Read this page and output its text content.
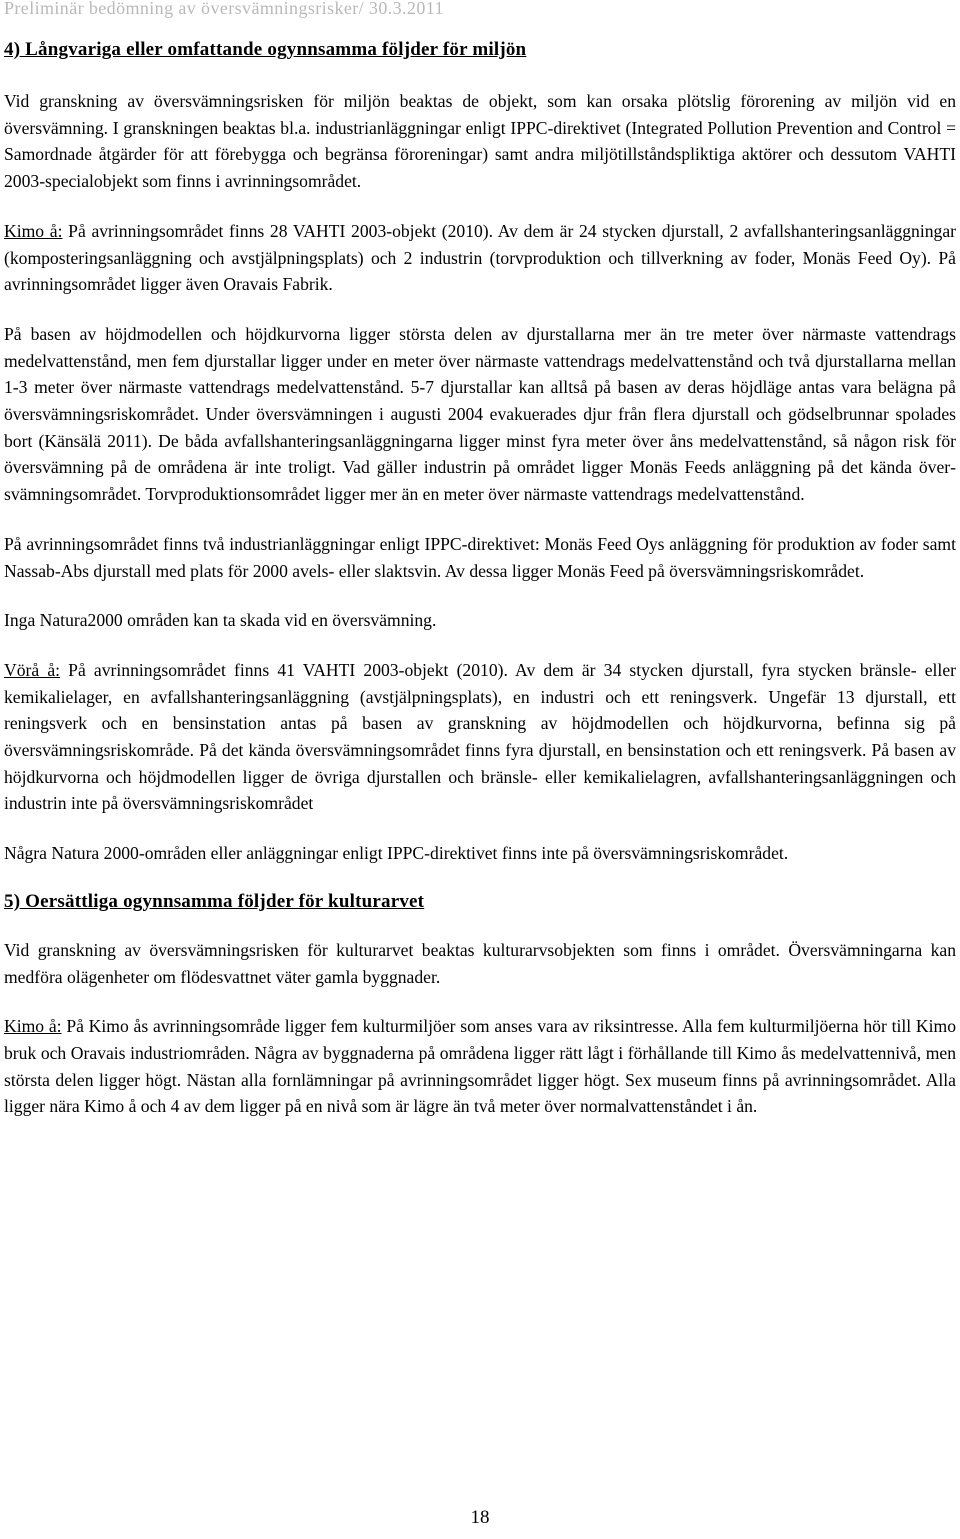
Preliminär bedömning av översvämningsrisker/ 30.3.2011
4) Långvariga eller omfattande ogynnsamma följder för miljön

Vid granskning av översvämningsrisken för miljön beaktas de objekt, som kan orsaka plötslig förorening av miljön vid en översvämning. I granskningen beaktas bl.a. industrianläggningar enligt IPPC-direktivet (Integrated Pollution Prevention and Control = Samordnade åtgärder för att förebygga och begränsa föroreningar) samt andra miljötillståndspliktiga aktörer och dessutom VAHTI 2003-specialobjekt som finns i avrinningsområdet.

Kimo å: På avrinningsområdet finns 28 VAHTI 2003-objekt (2010). Av dem är 24 stycken djurstall, 2 avfallshanteringsanläggningar (komposteringsanläggning och avstjälpningsplats) och 2 industrin (torvproduktion och tillverkning av foder, Monäs Feed Oy). På avrinningsområdet ligger även Oravais Fabrik.

På basen av höjdmodellen och höjdkurvorna ligger största delen av djurstallarna mer än tre meter över närmaste vattendrags medelvattenstånd, men fem djurstallar ligger under en meter över närmaste vattendrags medelvattenstånd och två djurstallarna mellan 1-3 meter över närmaste vattendrags medelvattenstånd. 5-7 djurstallar kan alltså på basen av deras höjdläge antas vara belägna på översvämningsriskområdet. Under översvämningen i augusti 2004 evakuerades djur från flera djurstall och gödselbrunnar spolades bort (Känsälä 2011). De båda avfallshanteringsanläggningarna ligger minst fyra meter över åns medelvattenstånd, så någon risk för översvämning på de områdena är inte troligt. Vad gäller industrin på området ligger Monäs Feeds anläggning på det kända översvämningsområdet. Torvproduktionsområdet ligger mer än en meter över närmaste vattendrags medelvattenstånd.

På avrinningsområdet finns två industrianläggningar enligt IPPC-direktivet: Monäs Feed Oys anläggning för produktion av foder samt Nassab-Abs djurstall med plats för 2000 avels- eller slaktsvin. Av dessa ligger Monäs Feed på översvämningsriskområdet.

Inga Natura2000 områden kan ta skada vid en översvämning.

Vörå å: På avrinningsområdet finns 41 VAHTI 2003-objekt (2010). Av dem är 34 stycken djurstall, fyra stycken bränsle- eller kemikalielager, en avfallshanteringsanläggning (avstjälpningsplats), en industri och ett reningsverk. Ungefär 13 djurstall, ett reningsverk och en bensinstation antas på basen av granskning av höjdmodellen och höjdkurvorna, befinna sig på översvämningsriskområde. På det kända översvämningsområdet finns fyra djurstall, en bensinstation och ett reningsverk. På basen av höjdkurvorna och höjdmodellen ligger de övriga djurstallen och bränsle- eller kemikalielagren, avfallshanteringsanläggningen och industrin inte på översvämningsriskområdet

Några Natura 2000-områden eller anläggningar enligt IPPC-direktivet finns inte på översvämningsriskområdet.

5) Oersättliga ogynnsamma följder för kulturarvet

Vid granskning av översvämningsrisken för kulturarvet beaktas kulturarvsobjekten som finns i området. Översvämningarna kan medföra olägenheter om flödesvattnet väter gamla byggnader.

Kimo å: På Kimo ås avrinningsområde ligger fem kulturmiljöer som anses vara av riksintresse. Alla fem kulturmiljöerna hör till Kimo bruk och Oravais industriområden. Några av byggnaderna på områdena ligger rätt lågt i förhållande till Kimo ås medelvattennivå, men största delen ligger högt. Nästan alla fornlämningar på avrinningsområdet ligger högt. Sex museum finns på avrinningsområdet. Alla ligger nära Kimo å och 4 av dem ligger på en nivå som är lägre än två meter över normalvattenståndet i ån.

18
